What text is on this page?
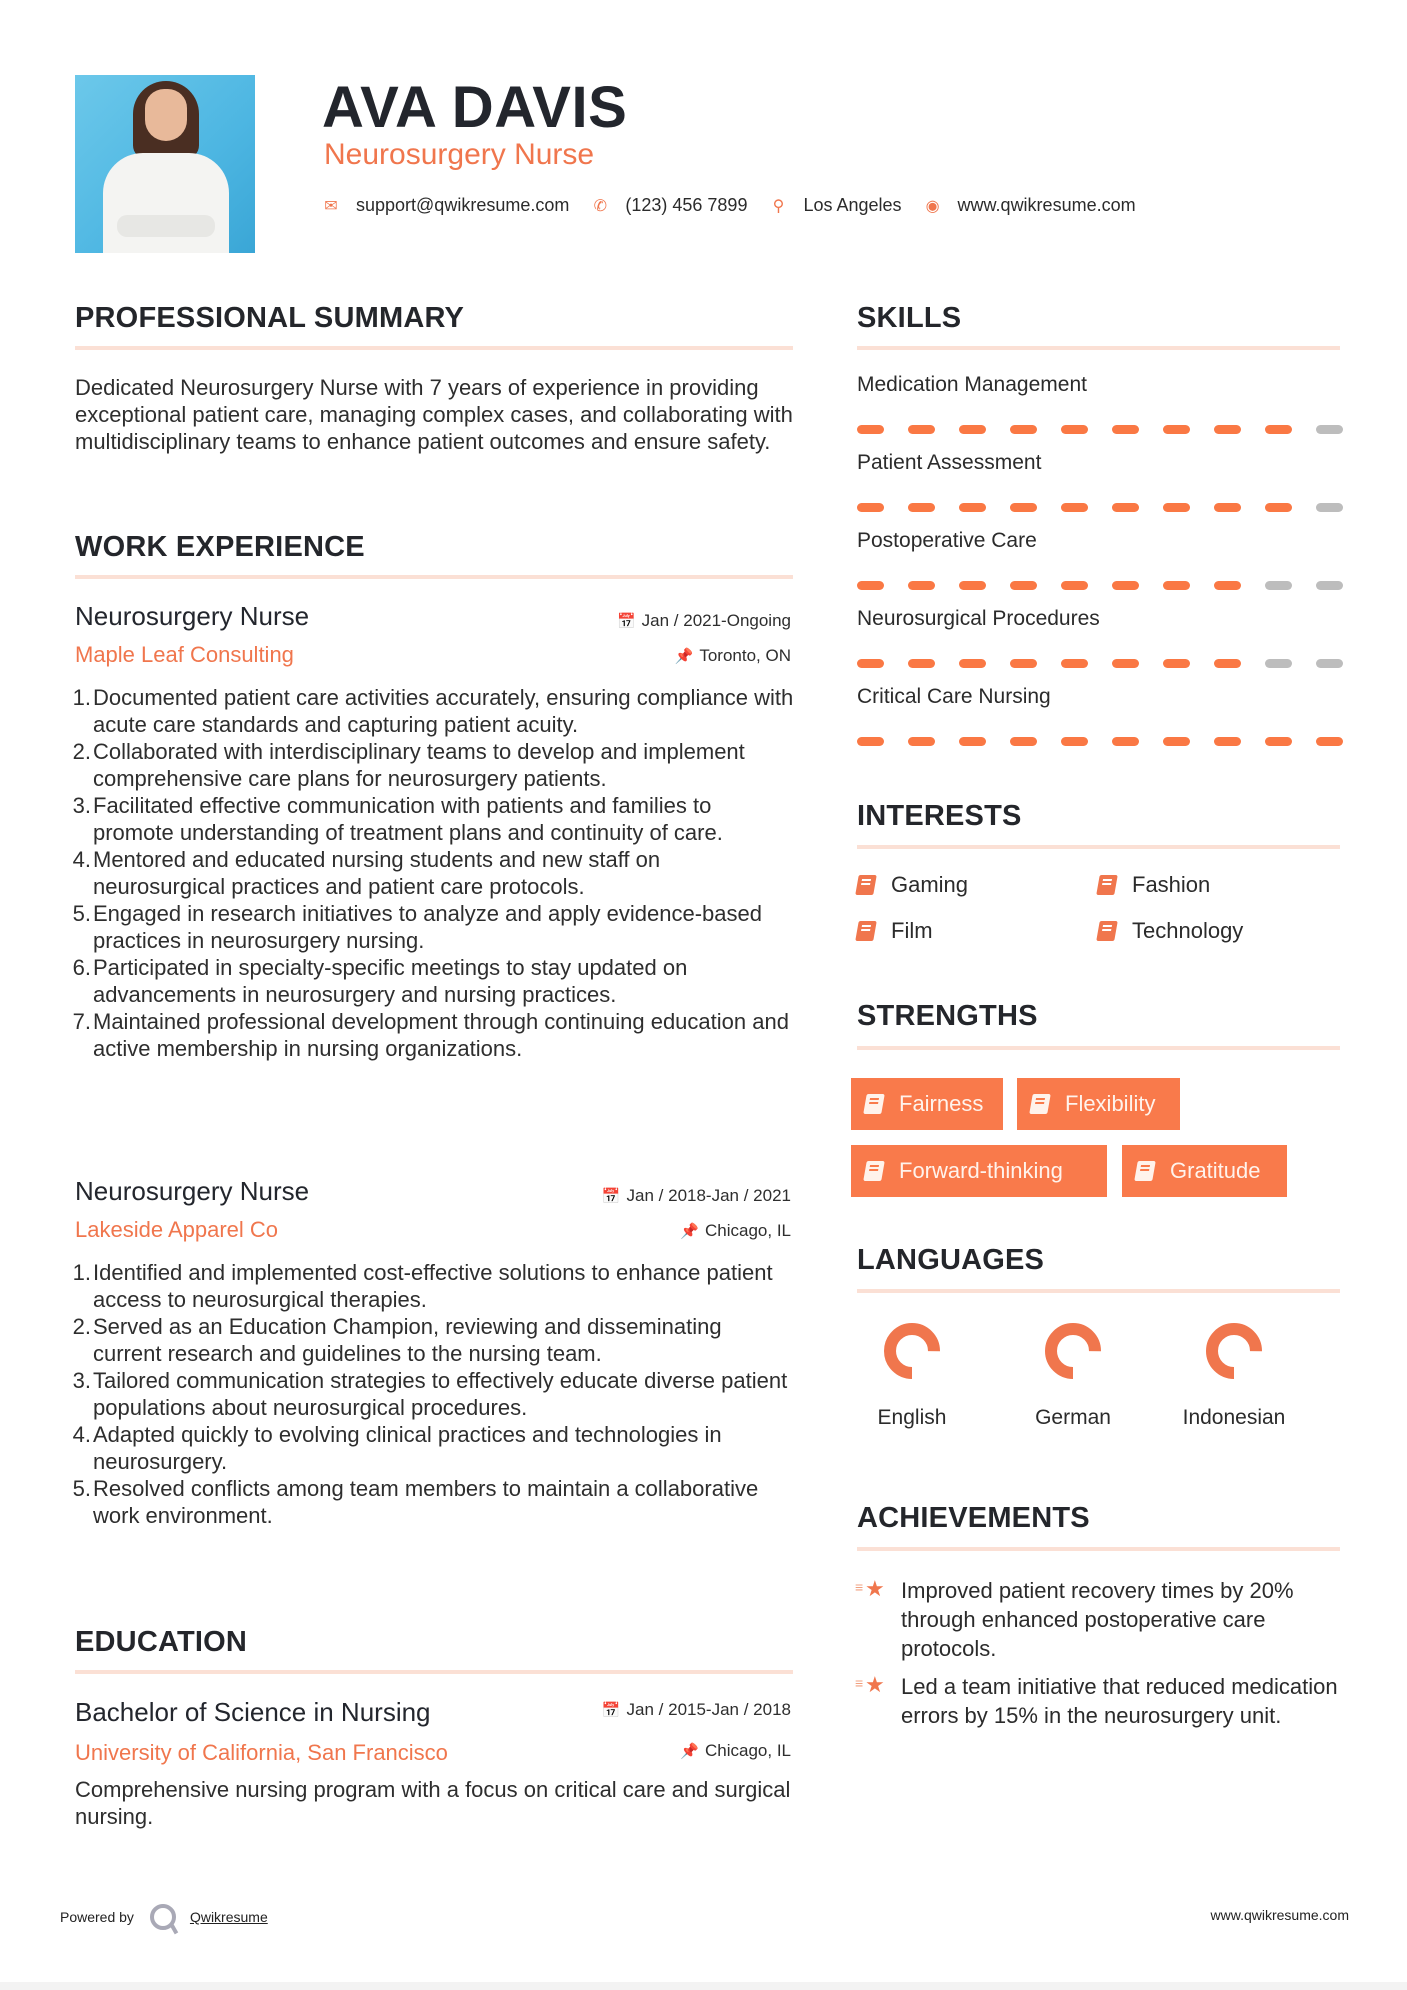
AVA DAVIS
Neurosurgery Nurse
✉ support@qwikresume.com ✆ (123) 456 7899 ⚲ Los Angeles ◉ www.qwikresume.com
PROFESSIONAL SUMMARY
Dedicated Neurosurgery Nurse with 7 years of experience in providing exceptional patient care, managing complex cases, and collaborating with multidisciplinary teams to enhance patient outcomes and ensure safety.
WORK EXPERIENCE
Neurosurgery Nurse	📅 Jan / 2021-Ongoing
Maple Leaf Consulting	📌 Toronto, ON
1. Documented patient care activities accurately, ensuring compliance with acute care standards and capturing patient acuity.
2. Collaborated with interdisciplinary teams to develop and implement comprehensive care plans for neurosurgery patients.
3. Facilitated effective communication with patients and families to promote understanding of treatment plans and continuity of care.
4. Mentored and educated nursing students and new staff on neurosurgical practices and patient care protocols.
5. Engaged in research initiatives to analyze and apply evidence-based practices in neurosurgery nursing.
6. Participated in specialty-specific meetings to stay updated on advancements in neurosurgery and nursing practices.
7. Maintained professional development through continuing education and active membership in nursing organizations.
Neurosurgery Nurse	📅 Jan / 2018-Jan / 2021
Lakeside Apparel Co	📌 Chicago, IL
1. Identified and implemented cost-effective solutions to enhance patient access to neurosurgical therapies.
2. Served as an Education Champion, reviewing and disseminating current research and guidelines to the nursing team.
3. Tailored communication strategies to effectively educate diverse patient populations about neurosurgical procedures.
4. Adapted quickly to evolving clinical practices and technologies in neurosurgery.
5. Resolved conflicts among team members to maintain a collaborative work environment.
EDUCATION
Bachelor of Science in Nursing	📅 Jan / 2015-Jan / 2018
University of California, San Francisco	📌 Chicago, IL
Comprehensive nursing program with a focus on critical care and surgical nursing.
SKILLS
Medication Management
Patient Assessment
Postoperative Care
Neurosurgical Procedures
Critical Care Nursing
INTERESTS
Gaming	Fashion
Film	Technology
STRENGTHS
Fairness	Flexibility
Forward-thinking	Gratitude
LANGUAGES
English	German	Indonesian
ACHIEVEMENTS
≡ ★ Improved patient recovery times by 20% through enhanced postoperative care protocols.
≡ ★ Led a team initiative that reduced medication errors by 15% in the neurosurgery unit.
Powered by	Qwikresume	www.qwikresume.com
